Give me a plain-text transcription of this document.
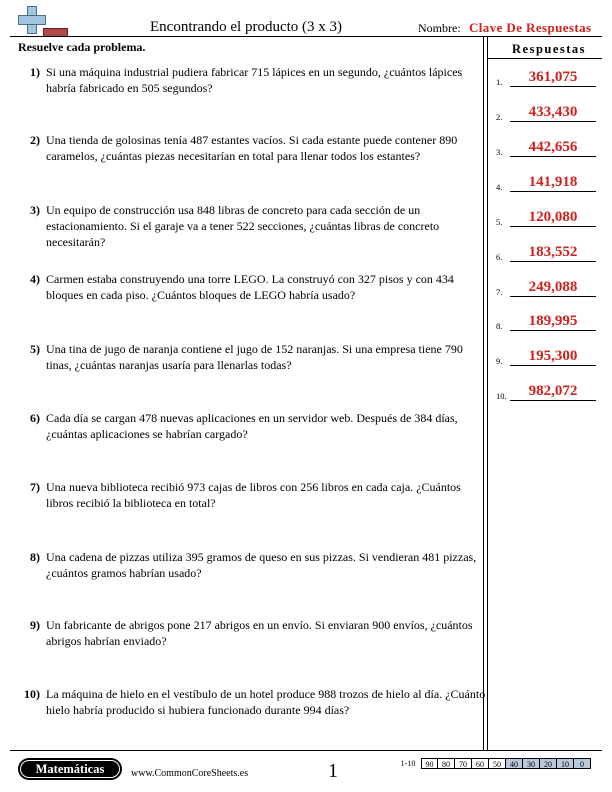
Encontrando el producto (3 x 3)	Nombre: Clave De Respuestas
Resuelve cada problema.	Respuestas
1) Si una máquina industrial pudiera fabricar 715 lápices en un segundo, ¿cuántos lápices habría fabricado en 505 segundos?
2) Una tienda de golosinas tenía 487 estantes vacíos. Si cada estante puede contener 890 caramelos, ¿cuántas piezas necesitarían en total para llenar todos los estantes?
3) Un equipo de construcción usa 848 libras de concreto para cada sección de un estacionamiento. Si el garaje va a tener 522 secciones, ¿cuántas libras de concreto necesitarán?
4) Carmen estaba construyendo una torre LEGO. La construyó con 327 pisos y con 434 bloques en cada piso. ¿Cuántos bloques de LEGO habría usado?
5) Una tina de jugo de naranja contiene el jugo de 152 naranjas. Si una empresa tiene 790 tinas, ¿cuántas naranjas usaría para llenarlas todas?
6) Cada día se cargan 478 nuevas aplicaciones en un servidor web. Después de 384 días, ¿cuántas aplicaciones se habrían cargado?
7) Una nueva biblioteca recibió 973 cajas de libros con 256 libros en cada caja. ¿Cuántos libros recibió la biblioteca en total?
8) Una cadena de pizzas utiliza 395 gramos de queso en sus pizzas. Si vendieran 481 pizzas, ¿cuántos gramos habrían usado?
9) Un fabricante de abrigos pone 217 abrigos en un envío. Si enviaran 900 envíos, ¿cuántos abrigos habrían enviado?
10) La máquina de hielo en el vestíbulo de un hotel produce 988 trozos de hielo al día. ¿Cuánto hielo habría producido si hubiera funcionado durante 994 días?
1.	361,075
2.	433,430
3.	442,656
4.	141,918
5.	120,080
6.	183,552
7.	249,088
8.	189,995
9.	195,300
10.	982,072
Matemáticas	www.CommonCoreSheets.es	1	1-10	90	80	70	60	50	40	30	20	10	0
